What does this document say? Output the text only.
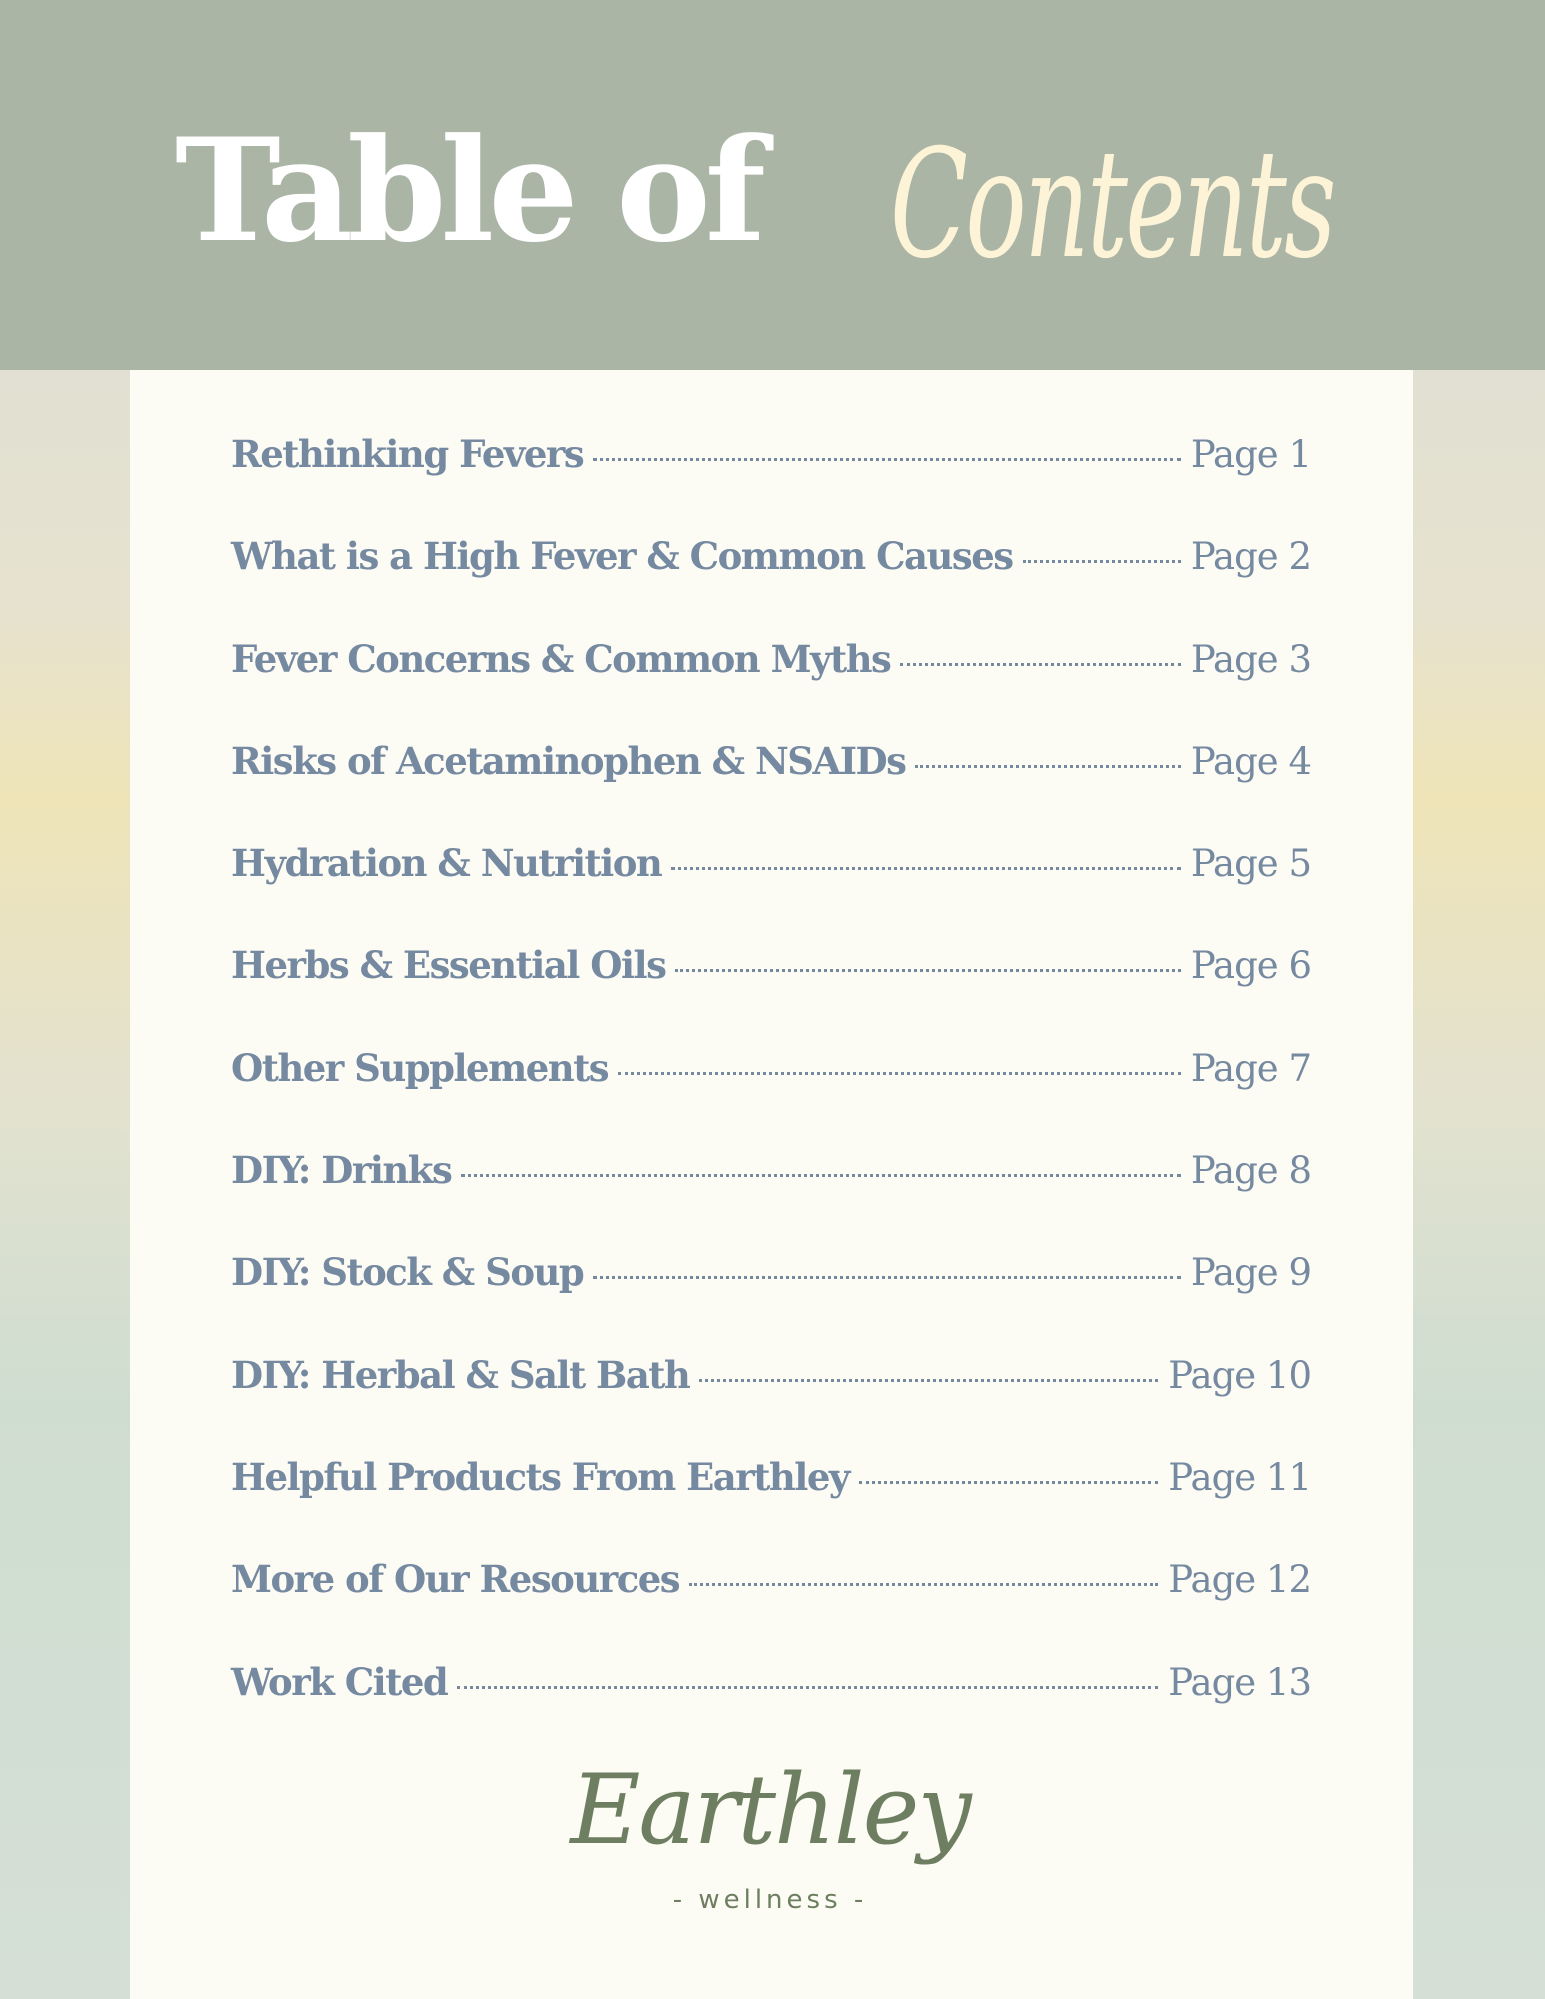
Table of Contents
Rethinking Fevers	Page 1
What is a High Fever & Common Causes	Page 2
Fever Concerns & Common Myths	Page 3
Risks of Acetaminophen & NSAIDs	Page 4
Hydration & Nutrition	Page 5
Herbs & Essential Oils	Page 6
Other Supplements	Page 7
DIY: Drinks	Page 8
DIY: Stock & Soup	Page 9
DIY: Herbal & Salt Bath	Page 10
Helpful Products From Earthley	Page 11
More of Our Resources	Page 12
Work Cited	Page 13
Earthley
- wellness -
